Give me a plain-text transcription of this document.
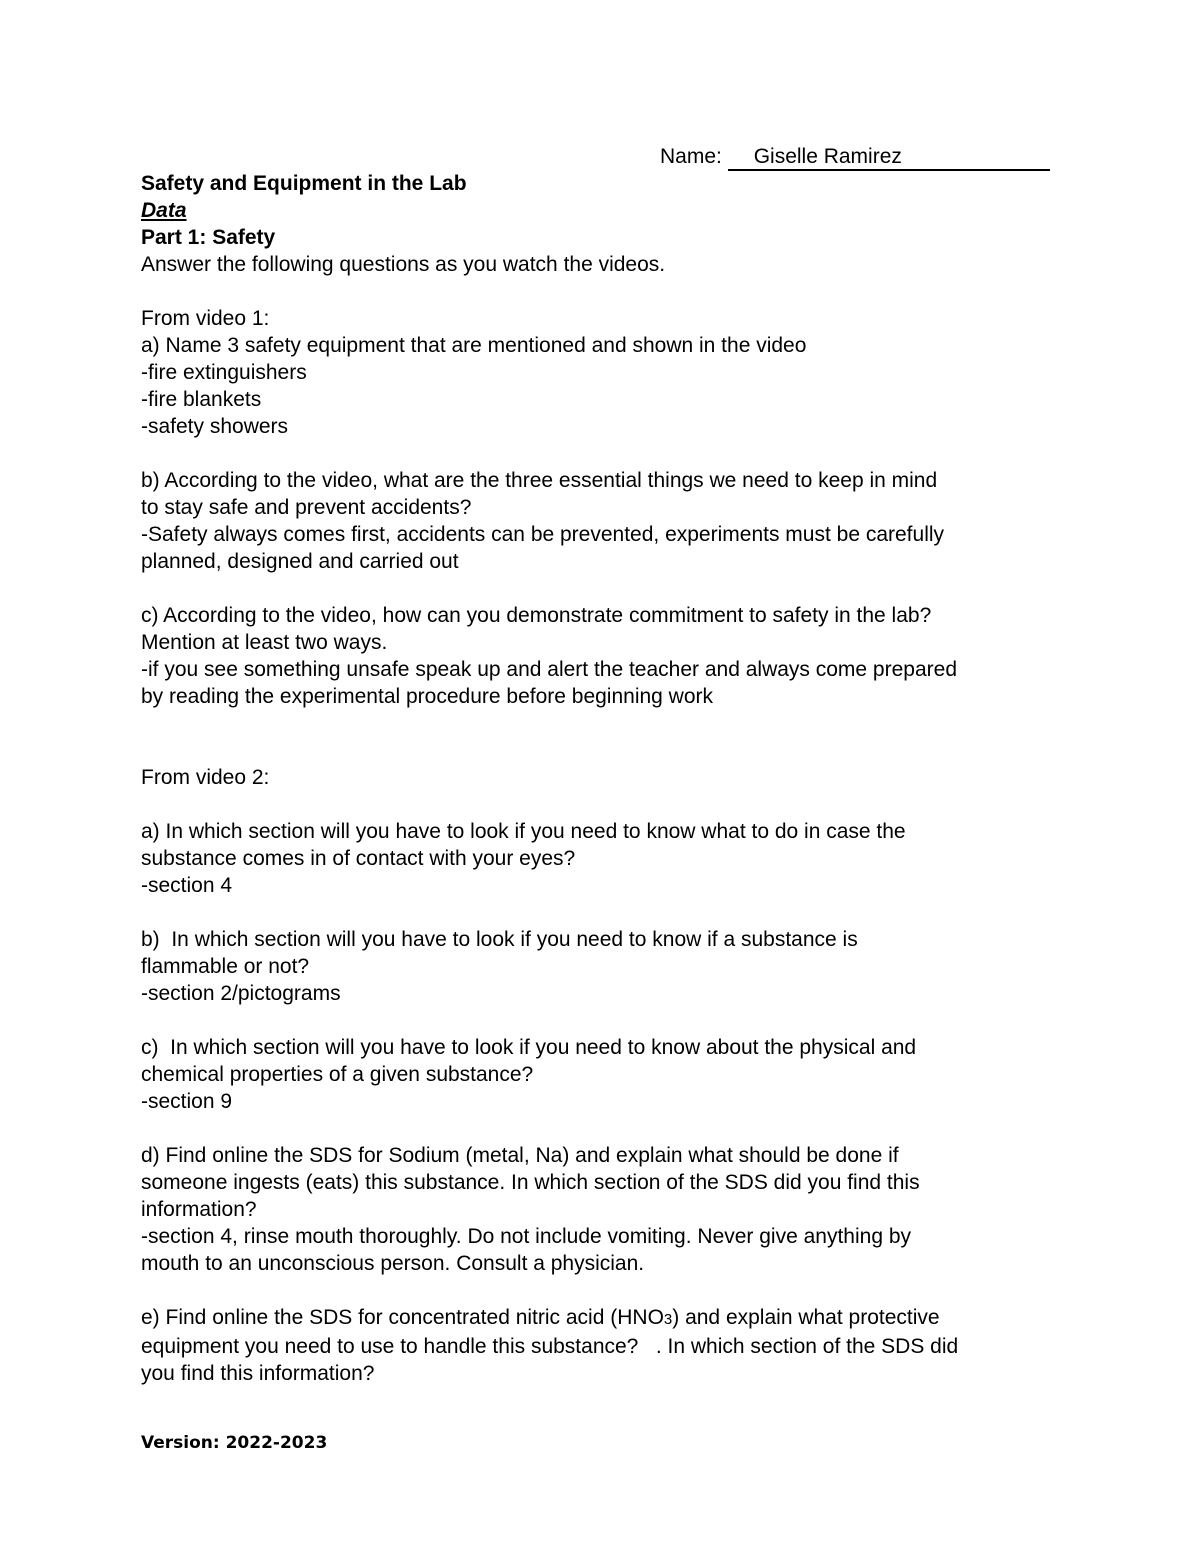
Name: Giselle Ramirez
Safety and Equipment in the Lab
Data
Part 1: Safety
Answer the following questions as you watch the videos.
From video 1:
a) Name 3 safety equipment that are mentioned and shown in the video
-fire extinguishers
-fire blankets
-safety showers
b) According to the video, what are the three essential things we need to keep in mind
to stay safe and prevent accidents?
-Safety always comes first, accidents can be prevented, experiments must be carefully
planned, designed and carried out
c) According to the video, how can you demonstrate commitment to safety in the lab?
Mention at least two ways.
-if you see something unsafe speak up and alert the teacher and always come prepared
by reading the experimental procedure before beginning work
From video 2:
a) In which section will you have to look if you need to know what to do in case the
substance comes in of contact with your eyes?
-section 4
b)  In which section will you have to look if you need to know if a substance is
flammable or not?
-section 2/pictograms
c)  In which section will you have to look if you need to know about the physical and
chemical properties of a given substance?
-section 9
d) Find online the SDS for Sodium (metal, Na) and explain what should be done if
someone ingests (eats) this substance. In which section of the SDS did you find this
information?
-section 4, rinse mouth thoroughly. Do not include vomiting. Never give anything by
mouth to an unconscious person. Consult a physician.
e) Find online the SDS for concentrated nitric acid (HNO3) and explain what protective
equipment you need to use to handle this substance?   . In which section of the SDS did
you find this information?
Version: 2022-2023
